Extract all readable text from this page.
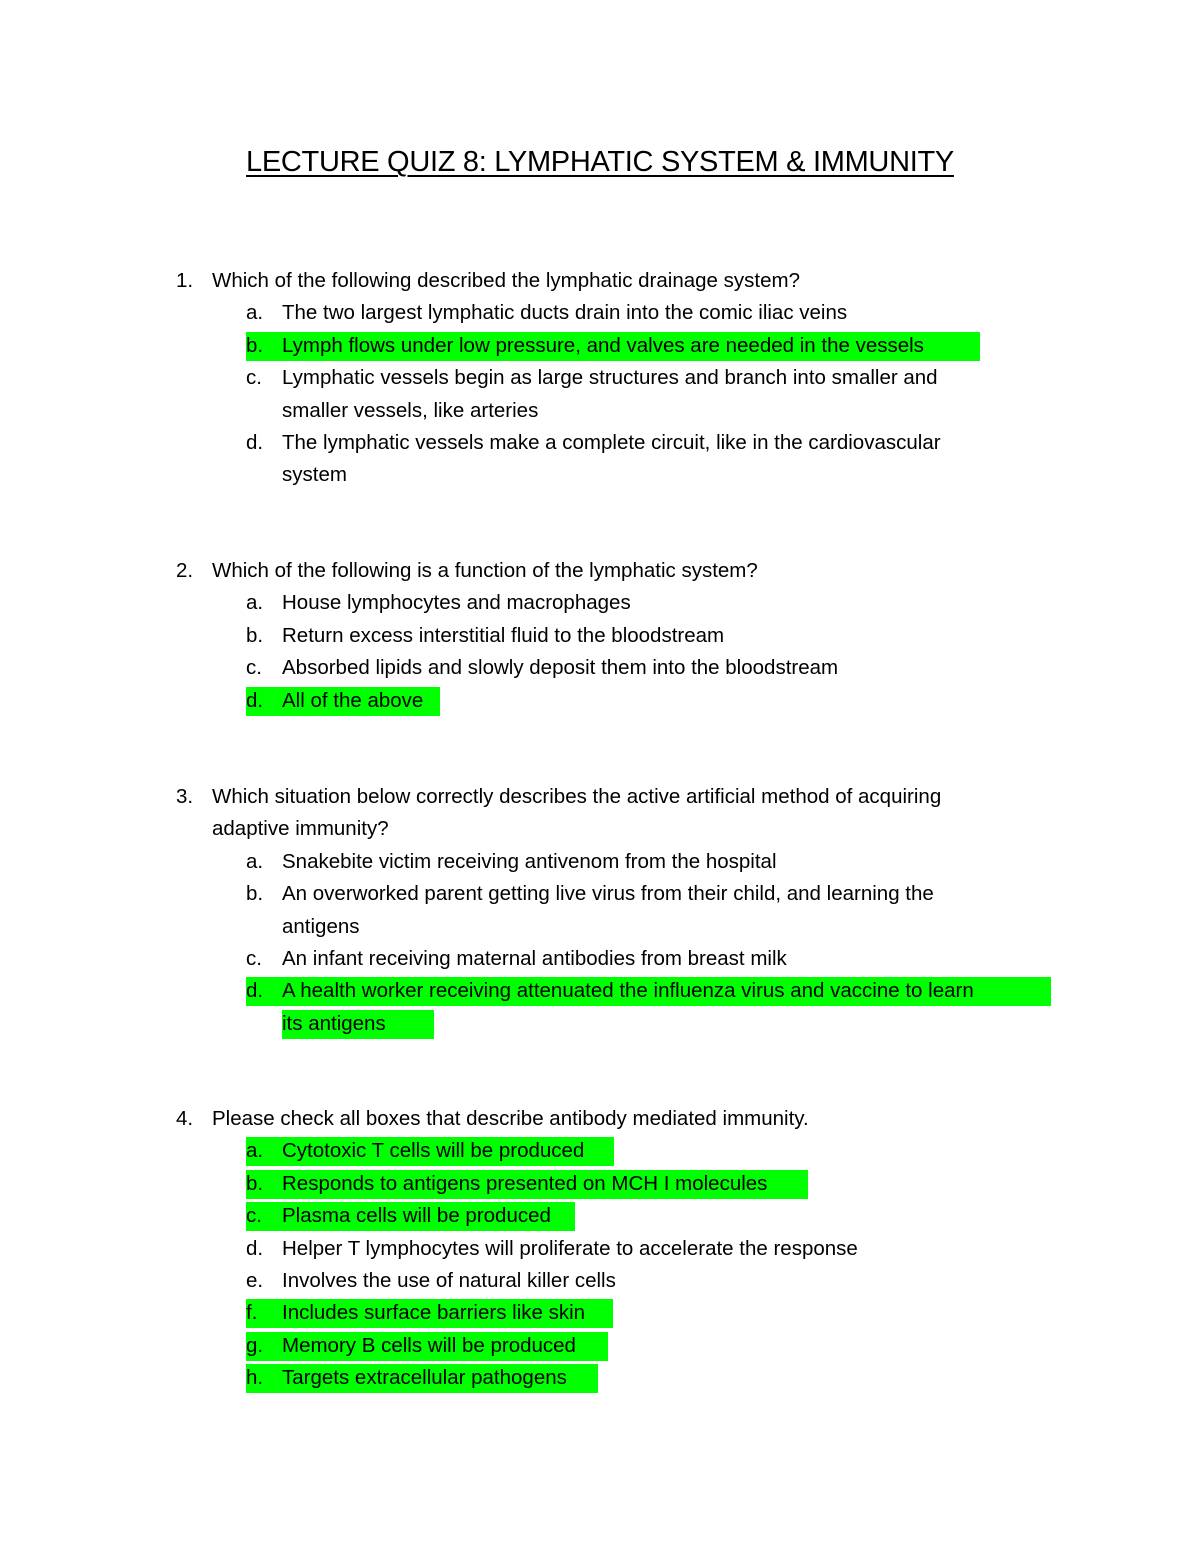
LECTURE QUIZ 8: LYMPHATIC SYSTEM & IMMUNITY
1. Which of the following described the lymphatic drainage system?
a. The two largest lymphatic ducts drain into the comic iliac veins
b. Lymph flows under low pressure, and valves are needed in the vessels
c. Lymphatic vessels begin as large structures and branch into smaller and
smaller vessels, like arteries
d. The lymphatic vessels make a complete circuit, like in the cardiovascular
system
2. Which of the following is a function of the lymphatic system?
a. House lymphocytes and macrophages
b. Return excess interstitial fluid to the bloodstream
c. Absorbed lipids and slowly deposit them into the bloodstream
d. All of the above
3. Which situation below correctly describes the active artificial method of acquiring
adaptive immunity?
a. Snakebite victim receiving antivenom from the hospital
b. An overworked parent getting live virus from their child, and learning the
antigens
c. An infant receiving maternal antibodies from breast milk
d. A health worker receiving attenuated the influenza virus and vaccine to learn
its antigens
4. Please check all boxes that describe antibody mediated immunity.
a. Cytotoxic T cells will be produced
b. Responds to antigens presented on MCH I molecules
c. Plasma cells will be produced
d. Helper T lymphocytes will proliferate to accelerate the response
e. Involves the use of natural killer cells
f. Includes surface barriers like skin
g. Memory B cells will be produced
h. Targets extracellular pathogens
